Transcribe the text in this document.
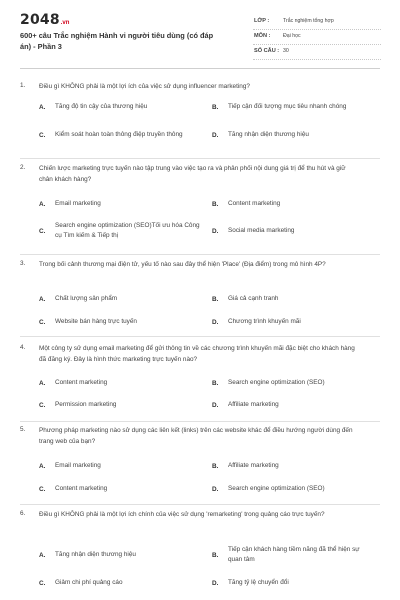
2048.vn
600+ câu Trắc nghiệm Hành vi người tiêu dùng (có đáp án) - Phần 3
LỚP :	Trắc nghiệm tổng hợp
MÔN : Đại học
SỐ CÂU : 30
1. Điều gì KHÔNG phải là một lợi ích của việc sử dụng influencer marketing?
A.	Tăng độ tin cậy của thương hiệu	B.	Tiếp cận đối tượng mục tiêu nhanh chóng
C.	Kiểm soát hoàn toàn thông điệp truyền thông	D.	Tăng nhận diện thương hiệu
2. Chiến lược marketing trực tuyến nào tập trung vào việc tạo ra và phân phối nội dung giá trị để thu hút và giữ chân khách hàng?
A.	Email marketing	B.	Content marketing
C.
Search engine optimization (SEO)Tối ưu hóa Công cụ Tìm kiếm & Tiếp thị
D.	Social media marketing
3. Trong bối cảnh thương mại điện tử, yếu tố nào sau đây thể hiện 'Place' (Địa điểm) trong mô hình 4P?
A.	Chất lượng sản phẩm	B.	Giá cả cạnh tranh
C.	Website bán hàng trực tuyến	D.	Chương trình khuyến mãi
4. Một công ty sử dụng email marketing để gửi thông tin về các chương trình khuyến mãi đặc biệt cho khách hàng đã đăng ký. Đây là hình thức marketing trực tuyến nào?
A.	Content marketing	B.	Search engine optimization (SEO)
C.	Permission marketing	D.	Affiliate marketing
5. Phương pháp marketing nào sử dụng các liên kết (links) trên các website khác để điều hướng người dùng đến trang web của bạn?
A.	Email marketing	B.	Affiliate marketing
C.	Content marketing	D.	Search engine optimization (SEO)
6. Điều gì KHÔNG phải là một lợi ích chính của việc sử dụng 'remarketing' trong quảng cáo trực tuyến?
A.	Tăng nhận diện thương hiệu	B.
Tiếp cận khách hàng tiềm năng đã thể hiện sự quan tâm
C.	Giảm chi phí quảng cáo	D.	Tăng tỷ lệ chuyển đổi
